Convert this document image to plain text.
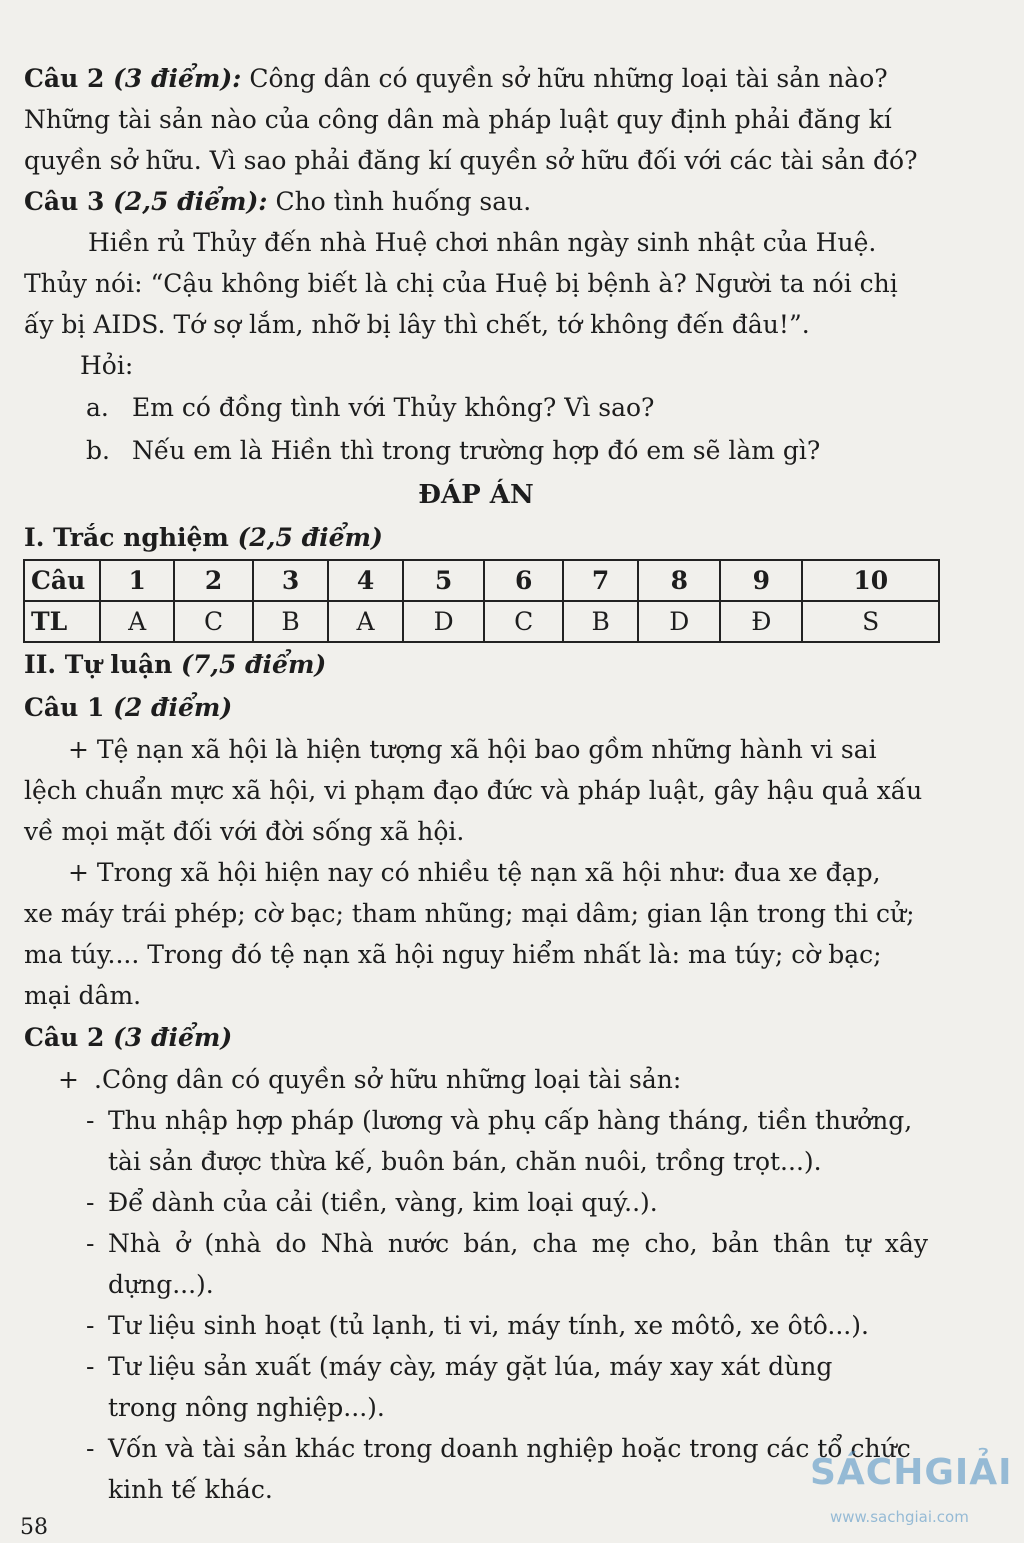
Câu 2 (3 điểm): Công dân có quyền sở hữu những loại tài sản nào?

Những tài sản nào của công dân mà pháp luật quy định phải đăng kí

quyền sở hữu. Vì sao phải đăng kí quyền sở hữu đối với các tài sản đó?

Câu 3 (2,5 điểm): Cho tình huống sau.

Hiền rủ Thủy đến nhà Huệ chơi nhân ngày sinh nhật của Huệ.

Thủy nói: “Cậu không biết là chị của Huệ bị bệnh à? Người ta nói chị

ấy bị AIDS. Tớ sợ lắm, nhỡ bị lây thì chết, tớ không đến đâu!”.

Hỏi:

a. Em có đồng tình với Thủy không? Vì sao?
b. Nếu em là Hiền thì trong trường hợp đó em sẽ làm gì?

ĐÁP ÁN

I. Trắc nghiệm (2,5 điểm)

Câu	1	2	3	4	5	6	7	8	9	10
TL	A	C	B	A	D	C	B	D	Đ	S

II. Tự luận (7,5 điểm)

Câu 1 (2 điểm)

+ Tệ nạn xã hội là hiện tượng xã hội bao gồm những hành vi sai

lệch chuẩn mực xã hội, vi phạm đạo đức và pháp luật, gây hậu quả xấu

về mọi mặt đối với đời sống xã hội.

+ Trong xã hội hiện nay có nhiều tệ nạn xã hội như: đua xe đạp,

xe máy trái phép; cờ bạc; tham nhũng; mại dâm; gian lận trong thi cử;

ma túy.... Trong đó tệ nạn xã hội nguy hiểm nhất là: ma túy; cờ bạc;

mại dâm.

Câu 2 (3 điểm)

+ .Công dân có quyền sở hữu những loại tài sản:

- Thu nhập hợp pháp (lương và phụ cấp hàng tháng, tiền thưởng,
tài sản được thừa kế, buôn bán, chăn nuôi, trồng trọt...).
- Để dành của cải (tiền, vàng, kim loại quý..).
- Nhà ở (nhà do Nhà nước bán, cha mẹ cho, bản thân tự xây dựng...).
- Tư liệu sinh hoạt (tủ lạnh, ti vi, máy tính, xe môtô, xe ôtô...).
- Tư liệu sản xuất (máy cày, máy gặt lúa, máy xay xát dùng
trong nông nghiệp...).
- Vốn và tài sản khác trong doanh nghiệp hoặc trong các tổ chức
kinh tế khác.
58
SÁCHGIẢI
www.sachgiai.com
